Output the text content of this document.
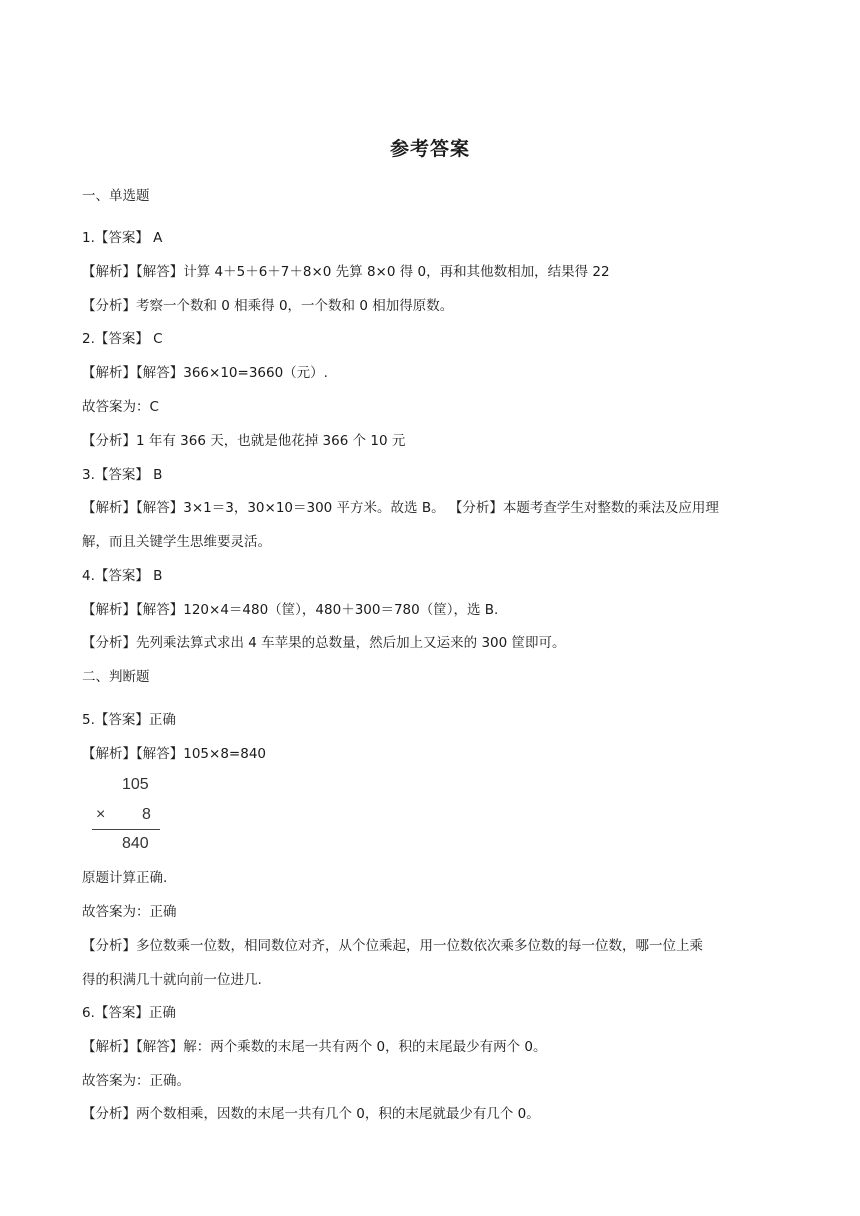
参考答案
一、单选题
1.【答案】 A
【解析】【解答】计算 4＋5＋6＋7＋8×0 先算 8×0 得 0，再和其他数相加，结果得 22
【分析】考察一个数和 0 相乘得 0，一个数和 0 相加得原数。
2.【答案】 C
【解析】【解答】366×10=3660（元）.
故答案为：C
【分析】1 年有 366 天，也就是他花掉 366 个 10 元
3.【答案】 B
【解析】【解答】3×1＝3，30×10＝300 平方米。故选 B。 【分析】本题考查学生对整数的乘法及应用理
解，而且关键学生思维要灵活。
4.【答案】 B
【解析】【解答】120×4＝480（筐），480＋300＝780（筐），选 B.
【分析】先列乘法算式求出 4 车苹果的总数量，然后加上又运来的 300 筐即可。
二、判断题
5.【答案】正确
【解析】【解答】105×8=840
105
× 8
840
原题计算正确.
故答案为：正确
【分析】多位数乘一位数，相同数位对齐，从个位乘起，用一位数依次乘多位数的每一位数，哪一位上乘
得的积满几十就向前一位进几.
6.【答案】正确
【解析】【解答】解：两个乘数的末尾一共有两个 0，积的末尾最少有两个 0。
故答案为：正确。
【分析】两个数相乘，因数的末尾一共有几个 0，积的末尾就最少有几个 0。
